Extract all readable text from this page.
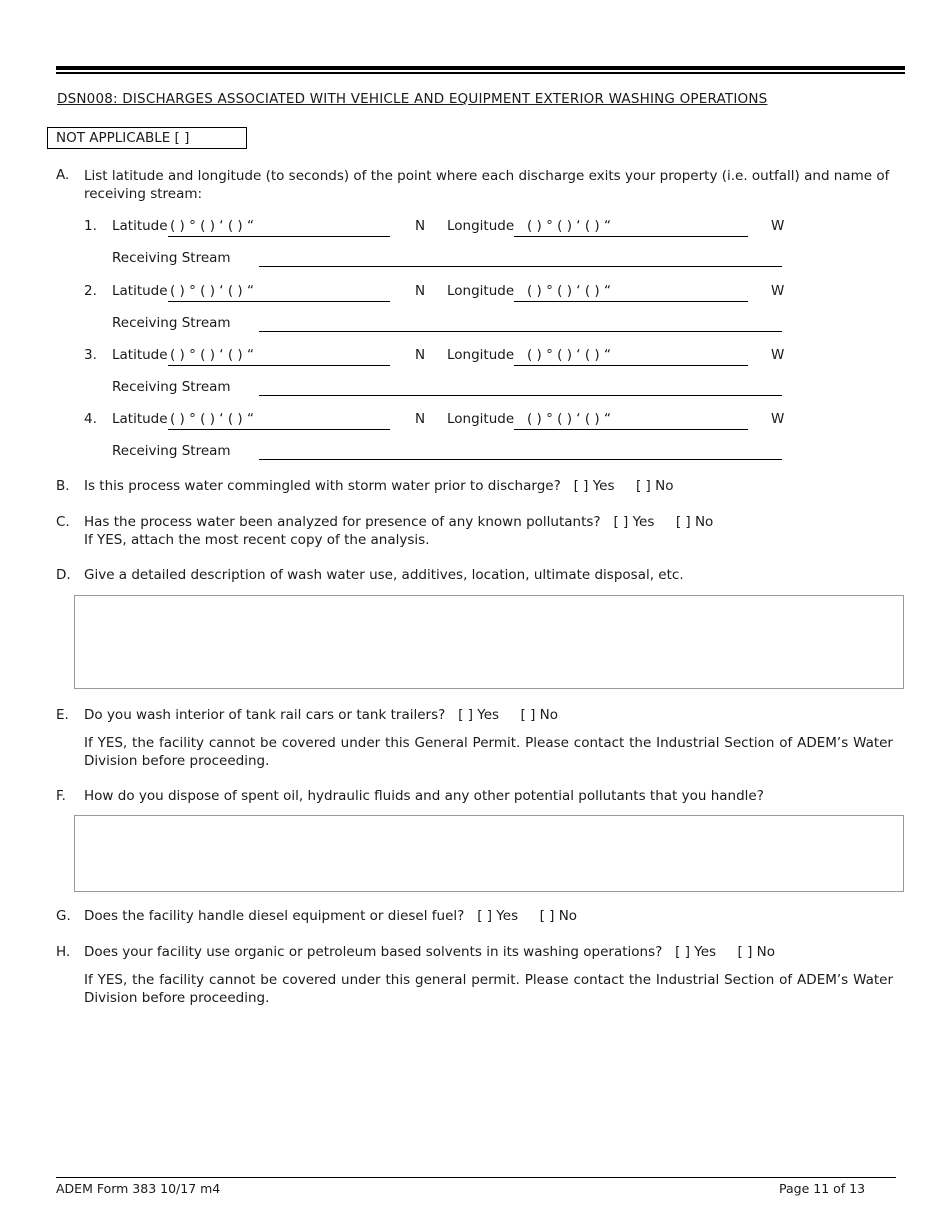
DSN008: DISCHARGES ASSOCIATED WITH VEHICLE AND EQUIPMENT EXTERIOR WASHING OPERATIONS
NOT APPLICABLE [ ]
A. List latitude and longitude (to seconds) of the point where each discharge exits your property (i.e. outfall) and name of receiving stream:
1. Latitude ( ) ° ( ) ‘ ( ) “	N Longitude ( ) ° ( ) ‘ ( ) “	W
Receiving Stream
2. Latitude ( ) ° ( ) ‘ ( ) “	N Longitude ( ) ° ( ) ‘ ( ) “	W
Receiving Stream
3. Latitude ( ) ° ( ) ‘ ( ) “	N Longitude ( ) ° ( ) ‘ ( ) “	W
Receiving Stream
4. Latitude ( ) ° ( ) ‘ ( ) “	N Longitude ( ) ° ( ) ‘ ( ) “	W
Receiving Stream
B. Is this process water commingled with storm water prior to discharge? [ ] Yes [ ] No
C. Has the process water been analyzed for presence of any known pollutants? [ ] Yes [ ] No
If YES, attach the most recent copy of the analysis.
D. Give a detailed description of wash water use, additives, location, ultimate disposal, etc.
E. Do you wash interior of tank rail cars or tank trailers? [ ] Yes [ ] No
If YES, the facility cannot be covered under this General Permit. Please contact the Industrial Section of ADEM’s Water Division before proceeding.
F. How do you dispose of spent oil, hydraulic fluids and any other potential pollutants that you handle?
G. Does the facility handle diesel equipment or diesel fuel? [ ] Yes [ ] No
H. Does your facility use organic or petroleum based solvents in its washing operations? [ ] Yes [ ] No
If YES, the facility cannot be covered under this general permit. Please contact the Industrial Section of ADEM’s Water Division before proceeding.
ADEM Form 383 10/17 m4	Page 11 of 13
